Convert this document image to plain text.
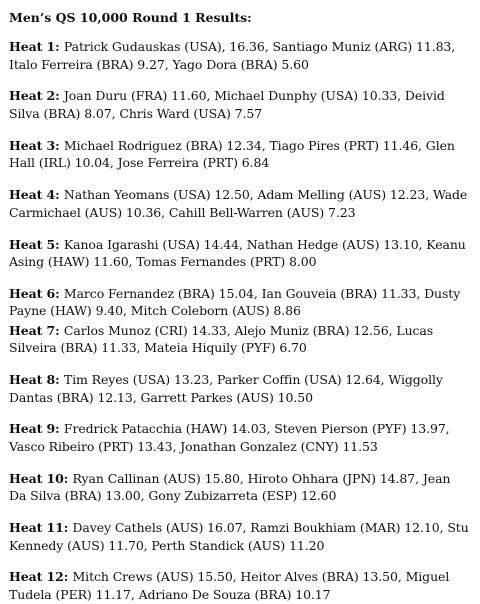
Men’s QS 10,000 Round 1 Results:
Heat 1: Patrick Gudauskas (USA), 16.36, Santiago Muniz (ARG) 11.83, Italo Ferreira (BRA) 9.27, Yago Dora (BRA) 5.60
Heat 2: Joan Duru (FRA) 11.60, Michael Dunphy (USA) 10.33, Deivid Silva (BRA) 8.07, Chris Ward (USA) 7.57
Heat 3: Michael Rodriguez (BRA) 12.34, Tiago Pires (PRT) 11.46, Glen Hall (IRL) 10.04, Jose Ferreira (PRT) 6.84
Heat 4: Nathan Yeomans (USA) 12.50, Adam Melling (AUS) 12.23, Wade Carmichael (AUS) 10.36, Cahill Bell-Warren (AUS) 7.23
Heat 5: Kanoa Igarashi (USA) 14.44, Nathan Hedge (AUS) 13.10, Keanu Asing (HAW) 11.60, Tomas Fernandes (PRT) 8.00
Heat 6: Marco Fernandez (BRA) 15.04, Ian Gouveia (BRA) 11.33, Dusty Payne (HAW) 9.40, Mitch Coleborn (AUS) 8.86
Heat 7: Carlos Munoz (CRI) 14.33, Alejo Muniz (BRA) 12.56, Lucas Silveira (BRA) 11.33, Mateia Hiquily (PYF) 6.70
Heat 8: Tim Reyes (USA) 13.23, Parker Coffin (USA) 12.64, Wiggolly Dantas (BRA) 12.13, Garrett Parkes (AUS) 10.50
Heat 9: Fredrick Patacchia (HAW) 14.03, Steven Pierson (PYF) 13.97, Vasco Ribeiro (PRT) 13.43, Jonathan Gonzalez (CNY) 11.53
Heat 10: Ryan Callinan (AUS) 15.80, Hiroto Ohhara (JPN) 14.87, Jean Da Silva (BRA) 13.00, Gony Zubizarreta (ESP) 12.60
Heat 11: Davey Cathels (AUS) 16.07, Ramzi Boukhiam (MAR) 12.10, Stu Kennedy (AUS) 11.70, Perth Standick (AUS) 11.20
Heat 12: Mitch Crews (AUS) 15.50, Heitor Alves (BRA) 13.50, Miguel Tudela (PER) 11.17, Adriano De Souza (BRA) 10.17
